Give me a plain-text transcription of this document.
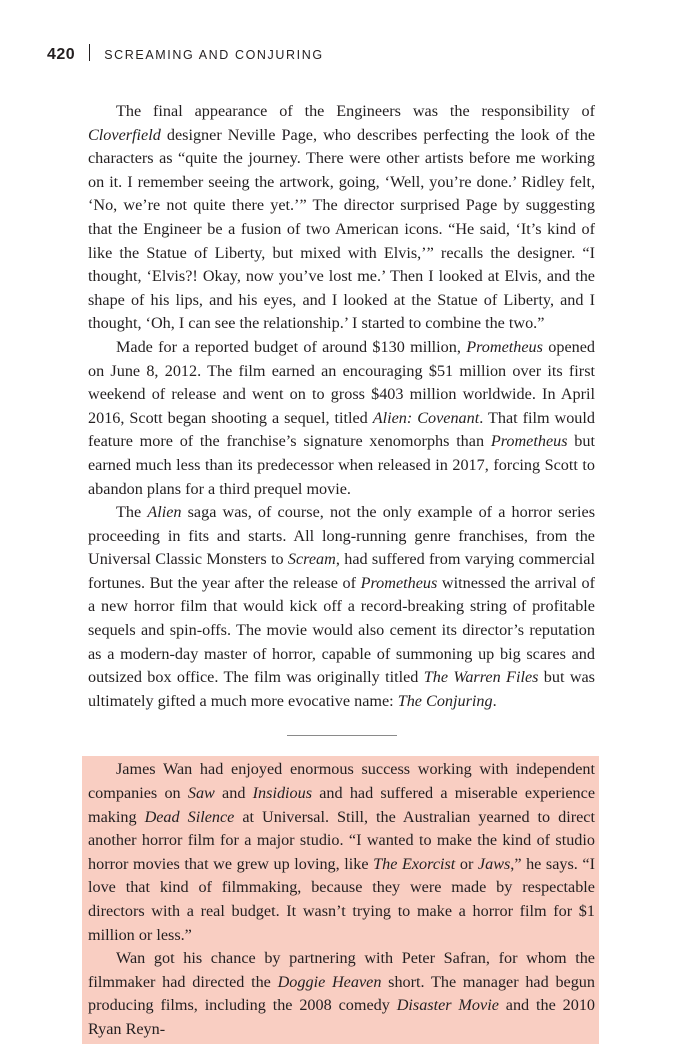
420 SCREAMING AND CONJURING

The final appearance of the Engineers was the responsibility of Cloverfield designer Neville Page, who describes perfecting the look of the characters as “quite the journey. There were other artists before me working on it. I remember seeing the artwork, going, ‘Well, you’re done.’ Ridley felt, ‘No, we’re not quite there yet.’” The director surprised Page by suggesting that the Engineer be a fusion of two American icons. “He said, ‘It’s kind of like the Statue of Liberty, but mixed with Elvis,’” recalls the designer. “I thought, ‘Elvis?! Okay, now you’ve lost me.’ Then I looked at Elvis, and the shape of his lips, and his eyes, and I looked at the Statue of Liberty, and I thought, ‘Oh, I can see the relationship.’ I started to combine the two.”

Made for a reported budget of around $130 million, Prometheus opened on June 8, 2012. The film earned an encouraging $51 million over its first weekend of release and went on to gross $403 million worldwide. In April 2016, Scott began shooting a sequel, titled Alien: Covenant. That film would feature more of the franchise’s signature xenomorphs than Prometheus but earned much less than its predecessor when released in 2017, forcing Scott to abandon plans for a third prequel movie.

The Alien saga was, of course, not the only example of a horror series proceeding in fits and starts. All long-running genre franchises, from the Universal Classic Monsters to Scream, had suffered from varying commercial fortunes. But the year after the release of Prometheus witnessed the arrival of a new horror film that would kick off a record-breaking string of profitable sequels and spin-offs. The movie would also cement its director’s reputation as a modern-day master of horror, capable of summoning up big scares and outsized box office. The film was originally titled The Warren Files but was ultimately gifted a much more evocative name: The Conjuring.

James Wan had enjoyed enormous success working with independent companies on Saw and Insidious and had suffered a miserable experience making Dead Silence at Universal. Still, the Australian yearned to direct another horror film for a major studio. “I wanted to make the kind of studio horror movies that we grew up loving, like The Exorcist or Jaws,” he says. “I love that kind of filmmaking, because they were made by respectable directors with a real budget. It wasn’t trying to make a horror film for $1 million or less.”

Wan got his chance by partnering with Peter Safran, for whom the filmmaker had directed the Doggie Heaven short. The manager had begun producing films, including the 2008 comedy Disaster Movie and the 2010 Ryan Reyn-
